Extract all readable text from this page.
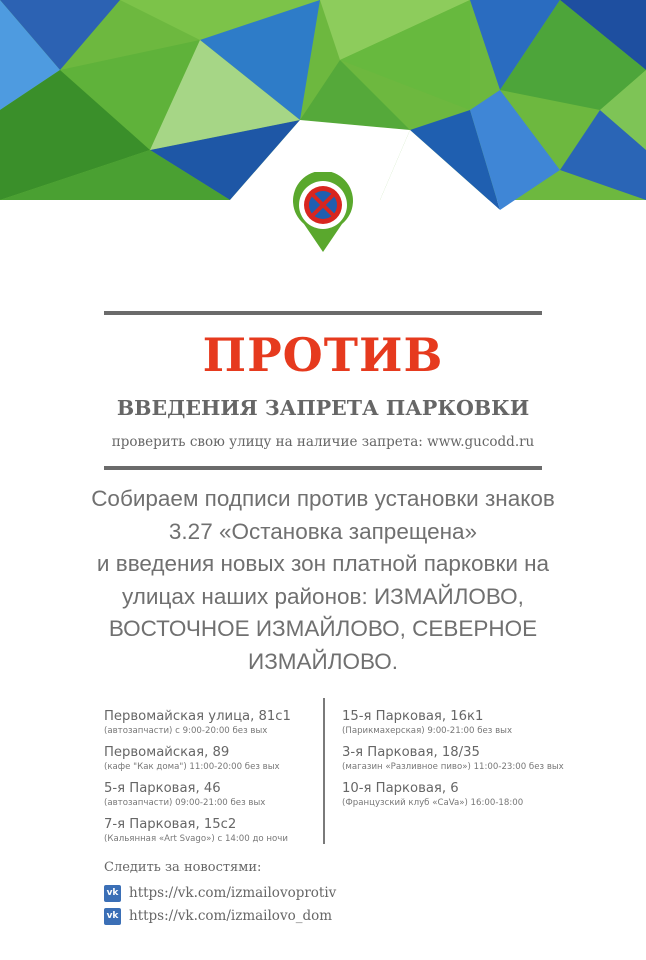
ПРОТИВ
ВВЕДЕНИЯ ЗАПРЕТА ПАРКОВКИ
проверить свою улицу на наличие запрета: www.gucodd.ru
Собираем подписи против установки знаков
3.27 «Остановка запрещена»
и введения новых зон платной парковки на
улицах наших районов: ИЗМАЙЛОВО,
ВОСТОЧНОЕ ИЗМАЙЛОВО, СЕВЕРНОЕ
ИЗМАЙЛОВО.
Первомайская улица, 81с1
(автозапчасти) с 9:00-20:00 без вых
Первомайская, 89
(кафе "Как дома") 11:00-20:00 без вых
5-я Парковая, 46
(автозапчасти) 09:00-21:00 без вых
7-я Парковая, 15с2
(Кальянная «Art Svago») с 14:00 до ночи
15-я Парковая, 16к1
(Парикмахерская) 9:00-21:00 без вых
3-я Парковая, 18/35
(магазин «Разливное пиво») 11:00-23:00 без вых
10-я Парковая, 6
(Французский клуб «CaVa») 16:00-18:00
Следить за новостями:
vk https://vk.com/izmailovoprotiv
vk https://vk.com/izmailovo_dom
